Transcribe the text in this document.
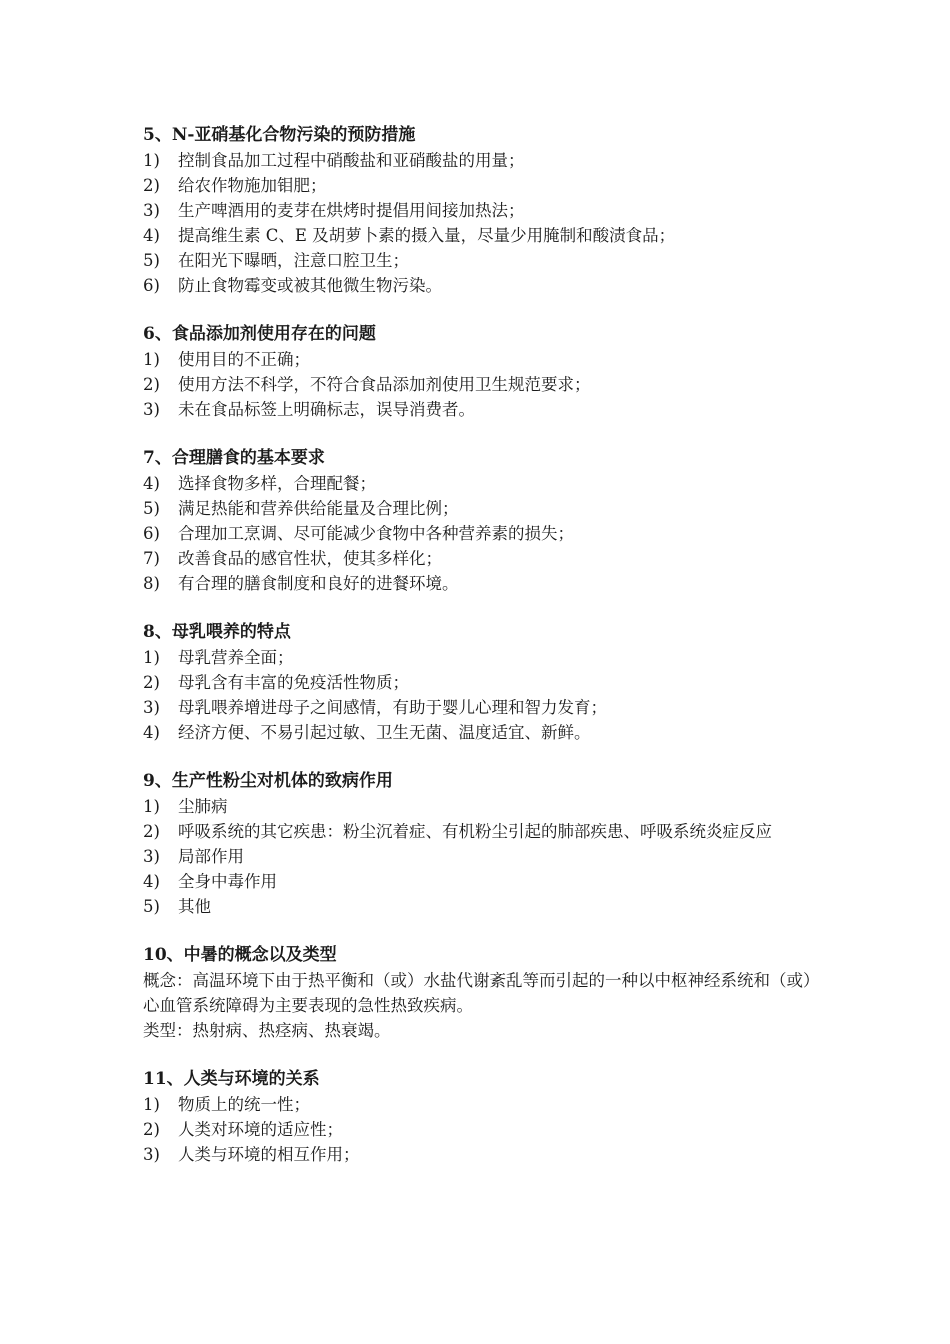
5、N-亚硝基化合物污染的预防措施
1)	控制食品加工过程中硝酸盐和亚硝酸盐的用量；
2)	给农作物施加钼肥；
3)	生产啤酒用的麦芽在烘烤时提倡用间接加热法；
4)	提高维生素 C、E 及胡萝卜素的摄入量，尽量少用腌制和酸渍食品；
5)	在阳光下曝晒，注意口腔卫生；
6)	防止食物霉变或被其他微生物污染。
6、食品添加剂使用存在的问题
1)	使用目的不正确；
2)	使用方法不科学，不符合食品添加剂使用卫生规范要求；
3)	未在食品标签上明确标志，误导消费者。
7、合理膳食的基本要求
4)	选择食物多样，合理配餐；
5)	满足热能和营养供给能量及合理比例；
6)	合理加工烹调、尽可能减少食物中各种营养素的损失；
7)	改善食品的感官性状，使其多样化；
8)	有合理的膳食制度和良好的进餐环境。
8、母乳喂养的特点
1)	母乳营养全面；
2)	母乳含有丰富的免疫活性物质；
3)	母乳喂养增进母子之间感情，有助于婴儿心理和智力发育；
4)	经济方便、不易引起过敏、卫生无菌、温度适宜、新鲜。
9、生产性粉尘对机体的致病作用
1)	尘肺病
2)	呼吸系统的其它疾患：粉尘沉着症、有机粉尘引起的肺部疾患、呼吸系统炎症反应
3)	局部作用
4)	全身中毒作用
5)	其他
10、中暑的概念以及类型
概念：高温环境下由于热平衡和（或）水盐代谢紊乱等而引起的一种以中枢神经系统和（或）心血管系统障碍为主要表现的急性热致疾病。
类型：热射病、热痉病、热衰竭。
11、人类与环境的关系
1)	物质上的统一性；
2)	人类对环境的适应性；
3)	人类与环境的相互作用；
